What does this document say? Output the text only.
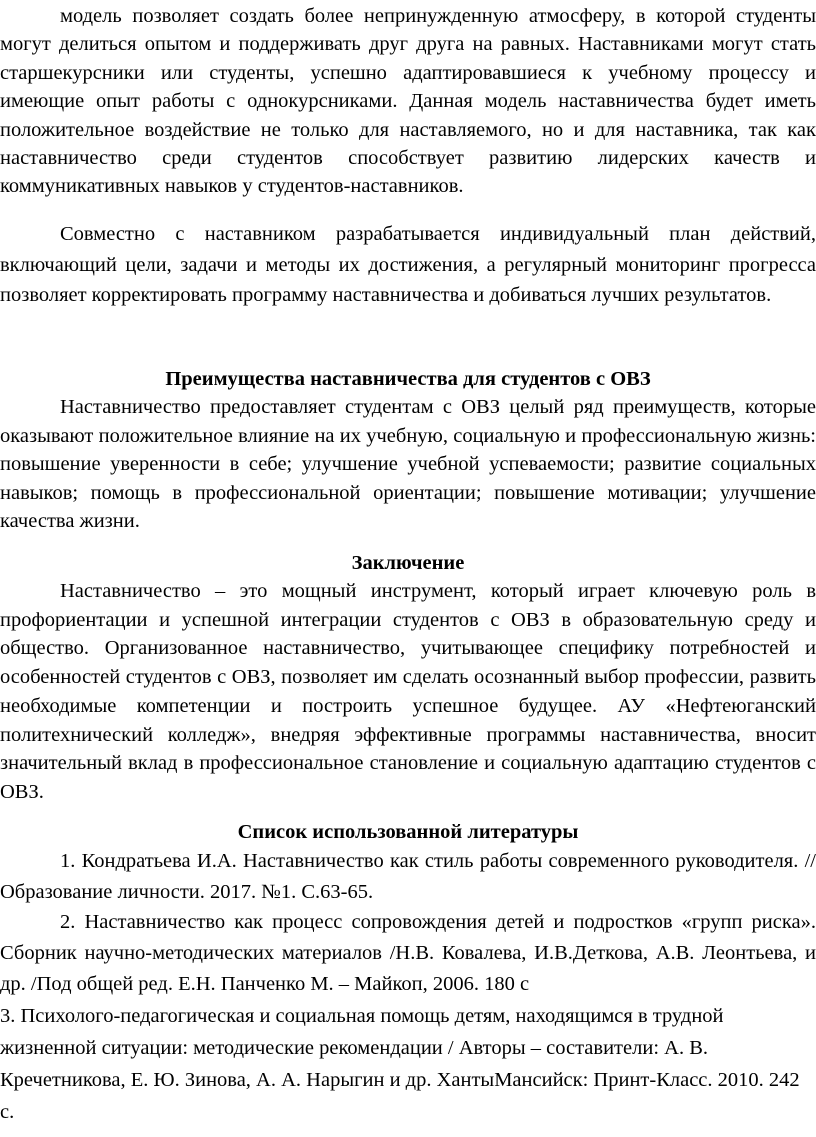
модель позволяет создать более непринужденную атмосферу, в которой студенты могут делиться опытом и поддерживать друг друга на равных. Наставниками могут стать старшекурсники или студенты, успешно адаптировавшиеся к учебному процессу и имеющие опыт работы с однокурсниками. Данная модель наставничества будет иметь положительное воздействие не только для наставляемого, но и для наставника, так как наставничество среди студентов способствует развитию лидерских качеств и коммуникативных навыков у студентов-наставников.

Совместно с наставником разрабатывается индивидуальный план действий, включающий цели, задачи и методы их достижения, а регулярный мониторинг прогресса позволяет корректировать программу наставничества и добиваться лучших результатов.

Преимущества наставничества для студентов с ОВЗ

Наставничество предоставляет студентам с ОВЗ целый ряд преимуществ, которые оказывают положительное влияние на их учебную, социальную и профессиональную жизнь: повышение уверенности в себе; улучшение учебной успеваемости; развитие социальных навыков; помощь в профессиональной ориентации; повышение мотивации; улучшение качества жизни.

Заключение

Наставничество – это мощный инструмент, который играет ключевую роль в профориентации и успешной интеграции студентов с ОВЗ в образовательную среду и общество. Организованное наставничество, учитывающее специфику потребностей и особенностей студентов с ОВЗ, позволяет им сделать осознанный выбор профессии, развить необходимые компетенции и построить успешное будущее. АУ «Нефтеюганский политехнический колледж», внедряя эффективные программы наставничества, вносит значительный вклад в профессиональное становление и социальную адаптацию студентов с ОВЗ.

Список использованной литературы

1. Кондратьева И.А. Наставничество как стиль работы современного руководителя. //Образование личности. 2017. №1. С.63-65.

2. Наставничество как процесс сопровождения детей и подростков «групп риска». Сборник научно-методических материалов /Н.В. Ковалева, И.В.Деткова, А.В. Леонтьева, и др. /Под общей ред. Е.Н. Панченко М. – Майкоп, 2006. 180 с

3. Психолого-педагогическая и социальная помощь детям, находящимся в трудной жизненной ситуации: методические рекомендации / Авторы – составители: А. В. Кречетникова, Е. Ю. Зинова, А. А. Нарыгин и др. ХантыМансийск: Принт-Класс. 2010. 242 с.
